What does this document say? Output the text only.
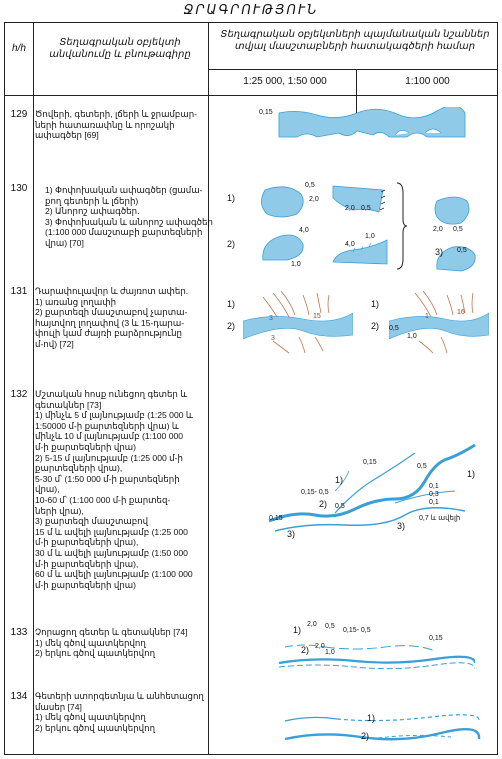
ՋՐԱԳՐՈՒԹՅՈՒՆ
h/h
Տեղագրական օբյեկտի անվանումը և բնութագիրը
Տեղագրական օբյեկտների պայմանական նշաններ տվյալ մասշտաբների հատակագծերի համար
1:25 000, 1:50 000	1:100 000
129 Ծովերի, գետերի, լճերի և ջրամբար-
ների հատառափնը և որոշակի
ափագծեր [69]
130	1) Փոփոխական ափագծեր (ցամա-
քող գետերի և լճերի)
2) Անորոշ ափագծեր.
3) Փոփոխական և անորոշ ափագծեր
(1:100 000 մասշտաբի քարտեզների
վրա) [70]
131 Դարափուլավոր և ժայռոտ ափեր.
1) առանց լողափի
2) քարտեզի մասշտաբով չարտա-
հայտվող լողափով (3 և 15-դարա-
փուլի կամ ժայռի բարձրությունը
մ-ով) [72]
132 Մշտական հոսք ունեցող գետեր և
գետակներ [73]
1) մինչև 5 մ լայնությամբ (1:25 000 և
1:50000 մ-ի քարտեզների վրա) և
մինչև 10 մ լայնությամբ (1:100 000
մ-ի քարտեզների վրա)
2) 5-15 մ լայնությամբ (1:25 000 մ-ի
քարտեզների վրա),
5-30 մ՝ (1:50 000 մ-ի քարտեզների
վրա),
10-60 մ՝ (1:100 000 մ-ի քարտեզ-
ների վրա),
3) քարտեզի մասշտաբով
15 մ և ավելի լայնությամբ (1:25 000
մ-ի քարտեզների վրա),
30 մ և ավելի լայնությամբ (1:50 000
մ-ի քարտեզների վրա),
60 մ և ավելի լայնությամբ (1:100 000
մ-ի քարտեզների վրա)
133 Չորացող գետեր և գետակներ [74]
1) մեկ գծով պատկերվող
2) երկու գծով պատկերվող
134 Գետերի ստորգետնյա և անհետացող
մասեր [74]
1) մեկ գծով պատկերվող
2) երկու գծով պատկերվող
0,15
1)
2)
0,5
2,0
2,0 0,5
4,0
1,0
4,0
1,0
2,0 0,5
3) 0,5
1)
2)
3	15
3
1)
2)
1
16
0,5
1,0
1)
2)
3)
3)
1)
0,15
0,15- 0,5
0,5
0,15
0,5
0,1
0,3
0,1
0,7 և ավելի
1)
2)
2,0 0,5
0,15- 0,5
0,15
2,0
1,0
1)
2)
